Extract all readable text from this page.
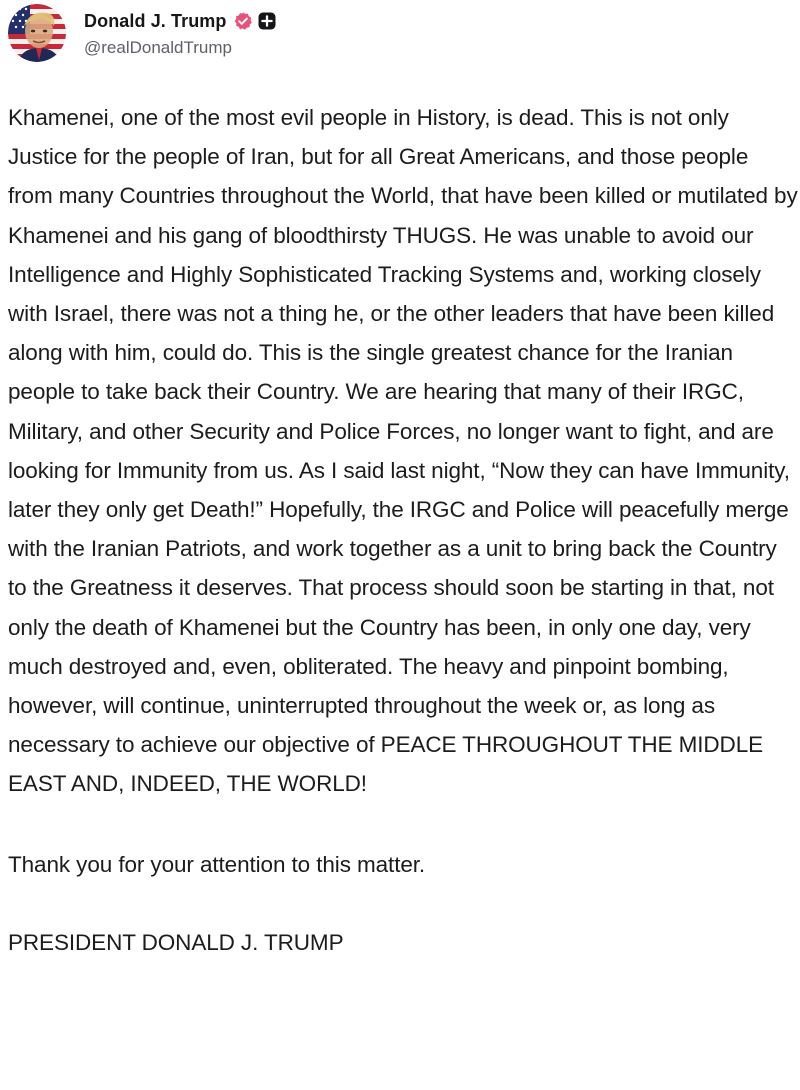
Donald J. Trump
@realDonaldTrump

Khamenei, one of the most evil people in History, is dead. This is not only Justice for the people of Iran, but for all Great Americans, and those people from many Countries throughout the World, that have been killed or mutilated by Khamenei and his gang of bloodthirsty THUGS. He was unable to avoid our Intelligence and Highly Sophisticated Tracking Systems and, working closely with Israel, there was not a thing he, or the other leaders that have been killed along with him, could do. This is the single greatest chance for the Iranian people to take back their Country. We are hearing that many of their IRGC, Military, and other Security and Police Forces, no longer want to fight, and are looking for Immunity from us. As I said last night, “Now they can have Immunity, later they only get Death!” Hopefully, the IRGC and Police will peacefully merge with the Iranian Patriots, and work together as a unit to bring back the Country to the Greatness it deserves. That process should soon be starting in that, not only the death of Khamenei but the Country has been, in only one day, very much destroyed and, even, obliterated. The heavy and pinpoint bombing, however, will continue, uninterrupted throughout the week or, as long as necessary to achieve our objective of PEACE THROUGHOUT THE MIDDLE EAST AND, INDEED, THE WORLD!

Thank you for your attention to this matter.

PRESIDENT DONALD J. TRUMP
